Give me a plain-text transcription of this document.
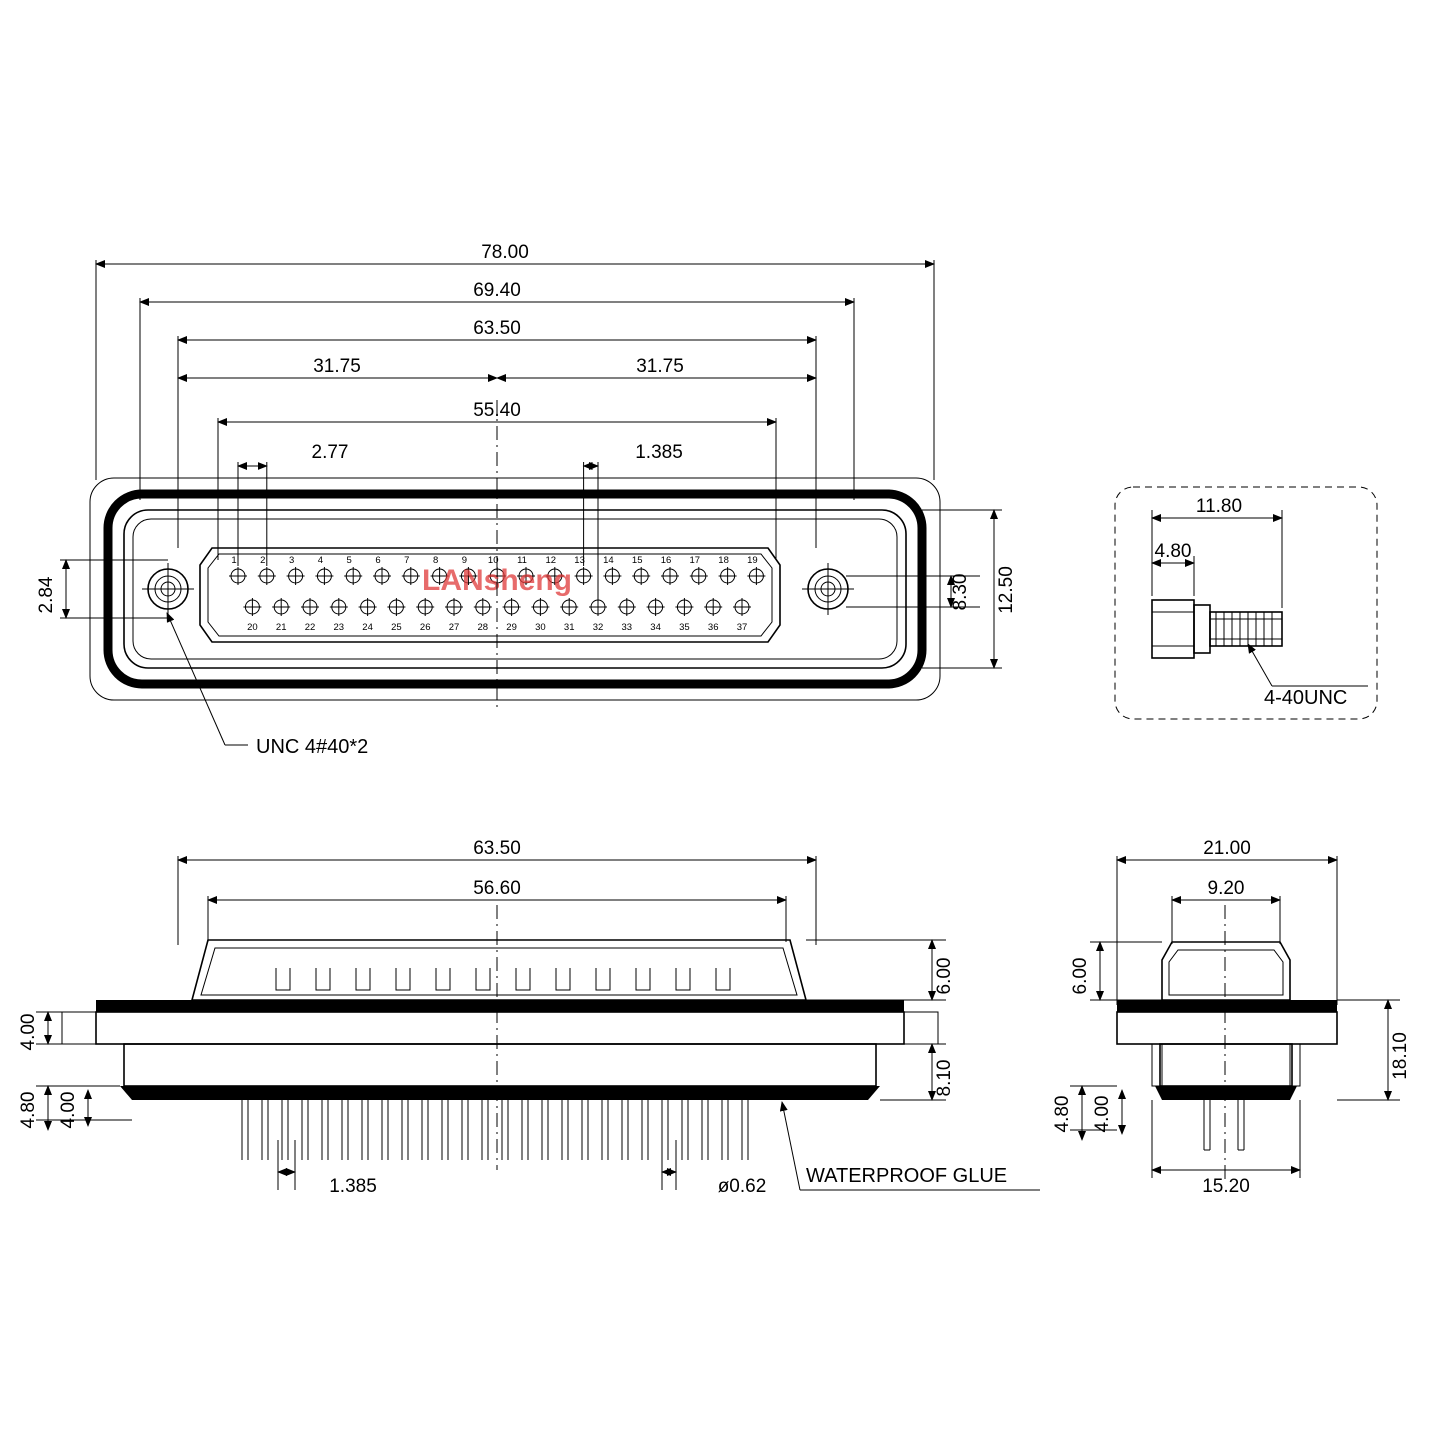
1 2 3 4 5 6 7 8 9 10 11 12 13 14 15 16 17 18 19
20 21 22 23 24 25 26 27 28 29 30 31 32 33 34 35 36 37
LANsheng
78.00
69.40
63.50
31.75	31.75
55.40
2.77	1.385
2.84	8.30 12.50
UNC 4#40*2
11.80
4.80
4-40UNC
63.50
56.60
6.00
8.10
4.00
4.80 4.00
1.385	ø0.62 WATERPROOF GLUE
21.00
9.20
6.00
18.10
4.80 4.00
15.20
